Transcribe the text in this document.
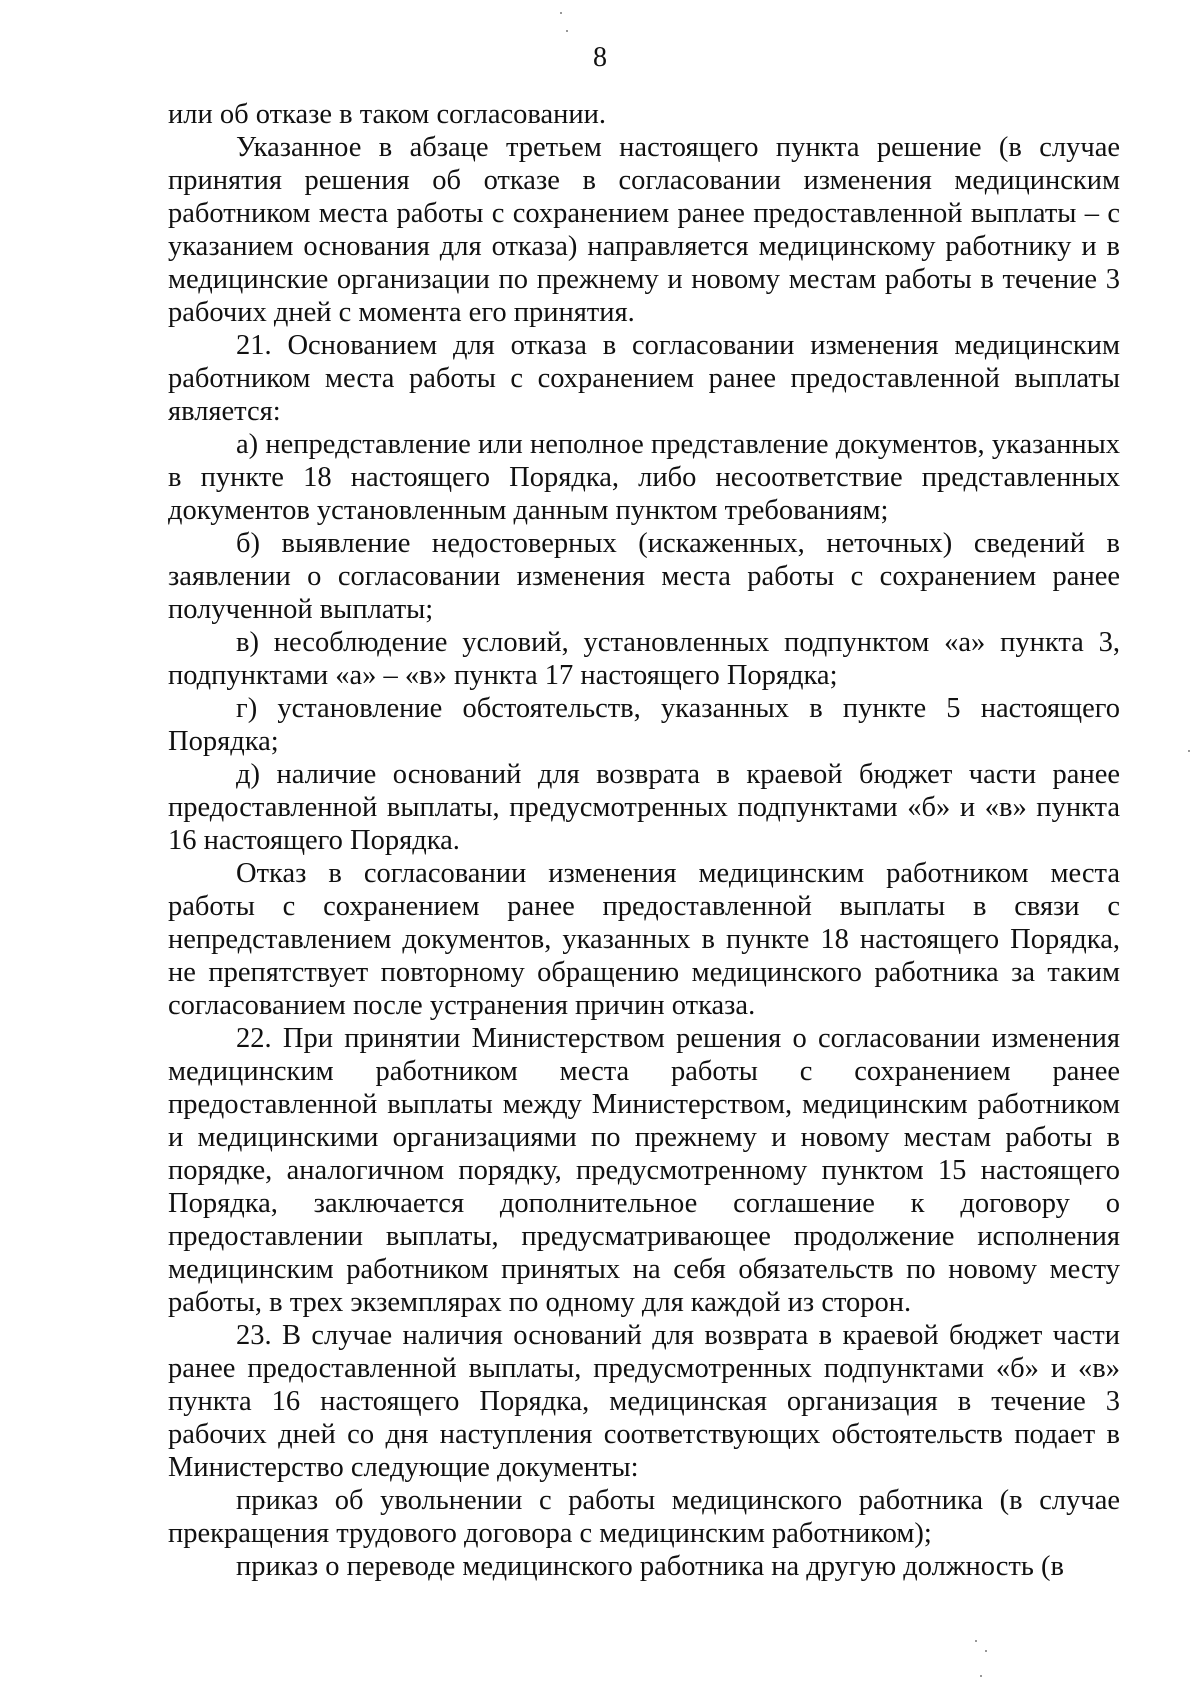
8

или об отказе в таком согласовании.

Указанное в абзаце третьем настоящего пункта решение (в случае принятия решения об отказе в согласовании изменения медицинским работником места работы с сохранением ранее предоставленной выплаты – с указанием основания для отказа) направляется медицинскому работнику и в медицинские организации по прежнему и новому местам работы в течение 3 рабочих дней с момента его принятия.

21. Основанием для отказа в согласовании изменения медицинским работником места работы с сохранением ранее предоставленной выплаты является:

а) непредставление или неполное представление документов, указанных в пункте 18 настоящего Порядка, либо несоответствие представленных документов установленным данным пунктом требованиям;

б) выявление недостоверных (искаженных, неточных) сведений в заявлении о согласовании изменения места работы с сохранением ранее полученной выплаты;

в) несоблюдение условий, установленных подпунктом «а» пункта 3, подпунктами «а» – «в» пункта 17 настоящего Порядка;

г) установление обстоятельств, указанных в пункте 5 настоящего Порядка;

д) наличие оснований для возврата в краевой бюджет части ранее предоставленной выплаты, предусмотренных подпунктами «б» и «в» пункта 16 настоящего Порядка.

Отказ в согласовании изменения медицинским работником места работы с сохранением ранее предоставленной выплаты в связи с непредставлением документов, указанных в пункте 18 настоящего Порядка, не препятствует повторному обращению медицинского работника за таким согласованием после устранения причин отказа.

22. При принятии Министерством решения о согласовании изменения медицинским работником места работы с сохранением ранее предоставленной выплаты между Министерством, медицинским работником и медицинскими организациями по прежнему и новому местам работы в порядке, аналогичном порядку, предусмотренному пунктом 15 настоящего Порядка, заключается дополнительное соглашение к договору о предоставлении выплаты, предусматривающее продолжение исполнения медицинским работником принятых на себя обязательств по новому месту работы, в трех экземплярах по одному для каждой из сторон.

23. В случае наличия оснований для возврата в краевой бюджет части ранее предоставленной выплаты, предусмотренных подпунктами «б» и «в» пункта 16 настоящего Порядка, медицинская организация в течение 3 рабочих дней со дня наступления соответствующих обстоятельств подает в Министерство следующие документы:

приказ об увольнении с работы медицинского работника (в случае прекращения трудового договора с медицинским работником);

приказ о переводе медицинского работника на другую должность (в
